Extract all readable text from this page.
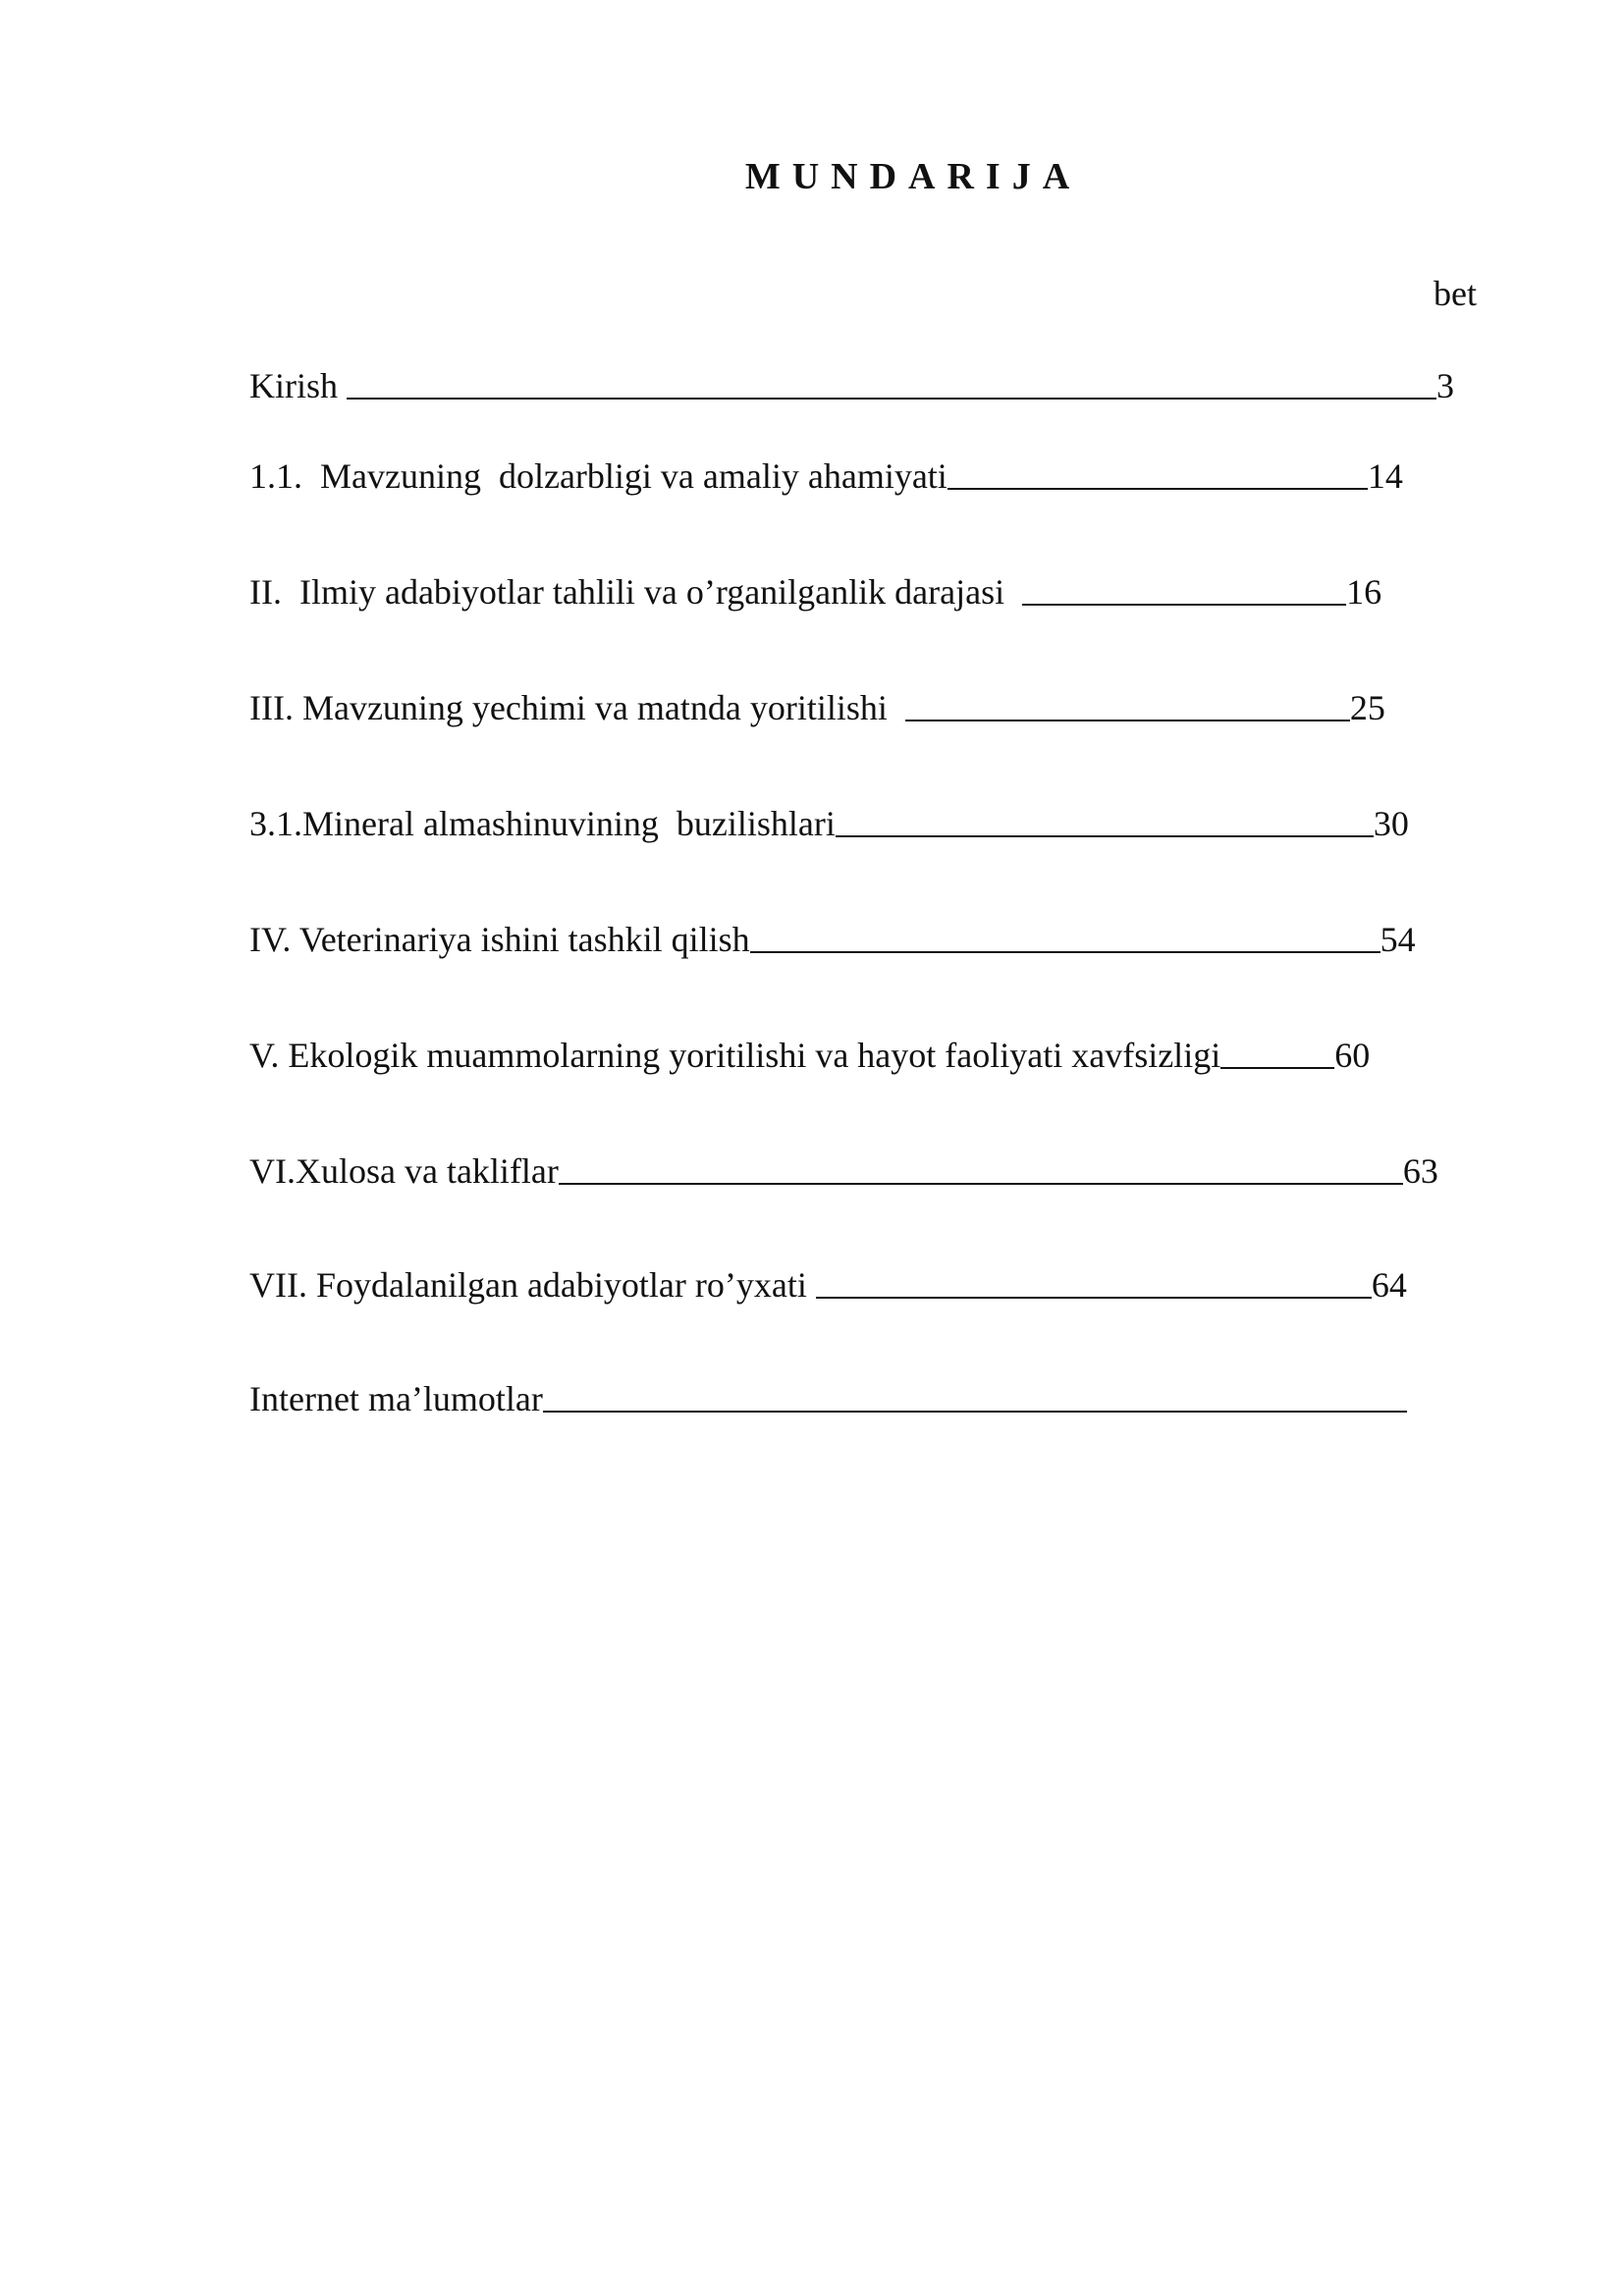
MUNDARIJA
bet
Kirish	3
1.1.  Mavzuning  dolzarbligi va amaliy ahamiyati	14
II.  Ilmiy adabiyotlar tahlili va o’rganilganlik darajasi	16
III. Mavzuning yechimi va matnda yoritilishi	25
3.1.Mineral almashinuvining  buzilishlari	30
IV. Veterinariya ishini tashkil qilish	54
V. Ekologik muammolarning yoritilishi va hayot faoliyati xavfsizligi	60
VI.Xulosa va takliflar	63
VII. Foydalanilgan adabiyotlar ro’yxati	64
Internet ma’lumotlar
